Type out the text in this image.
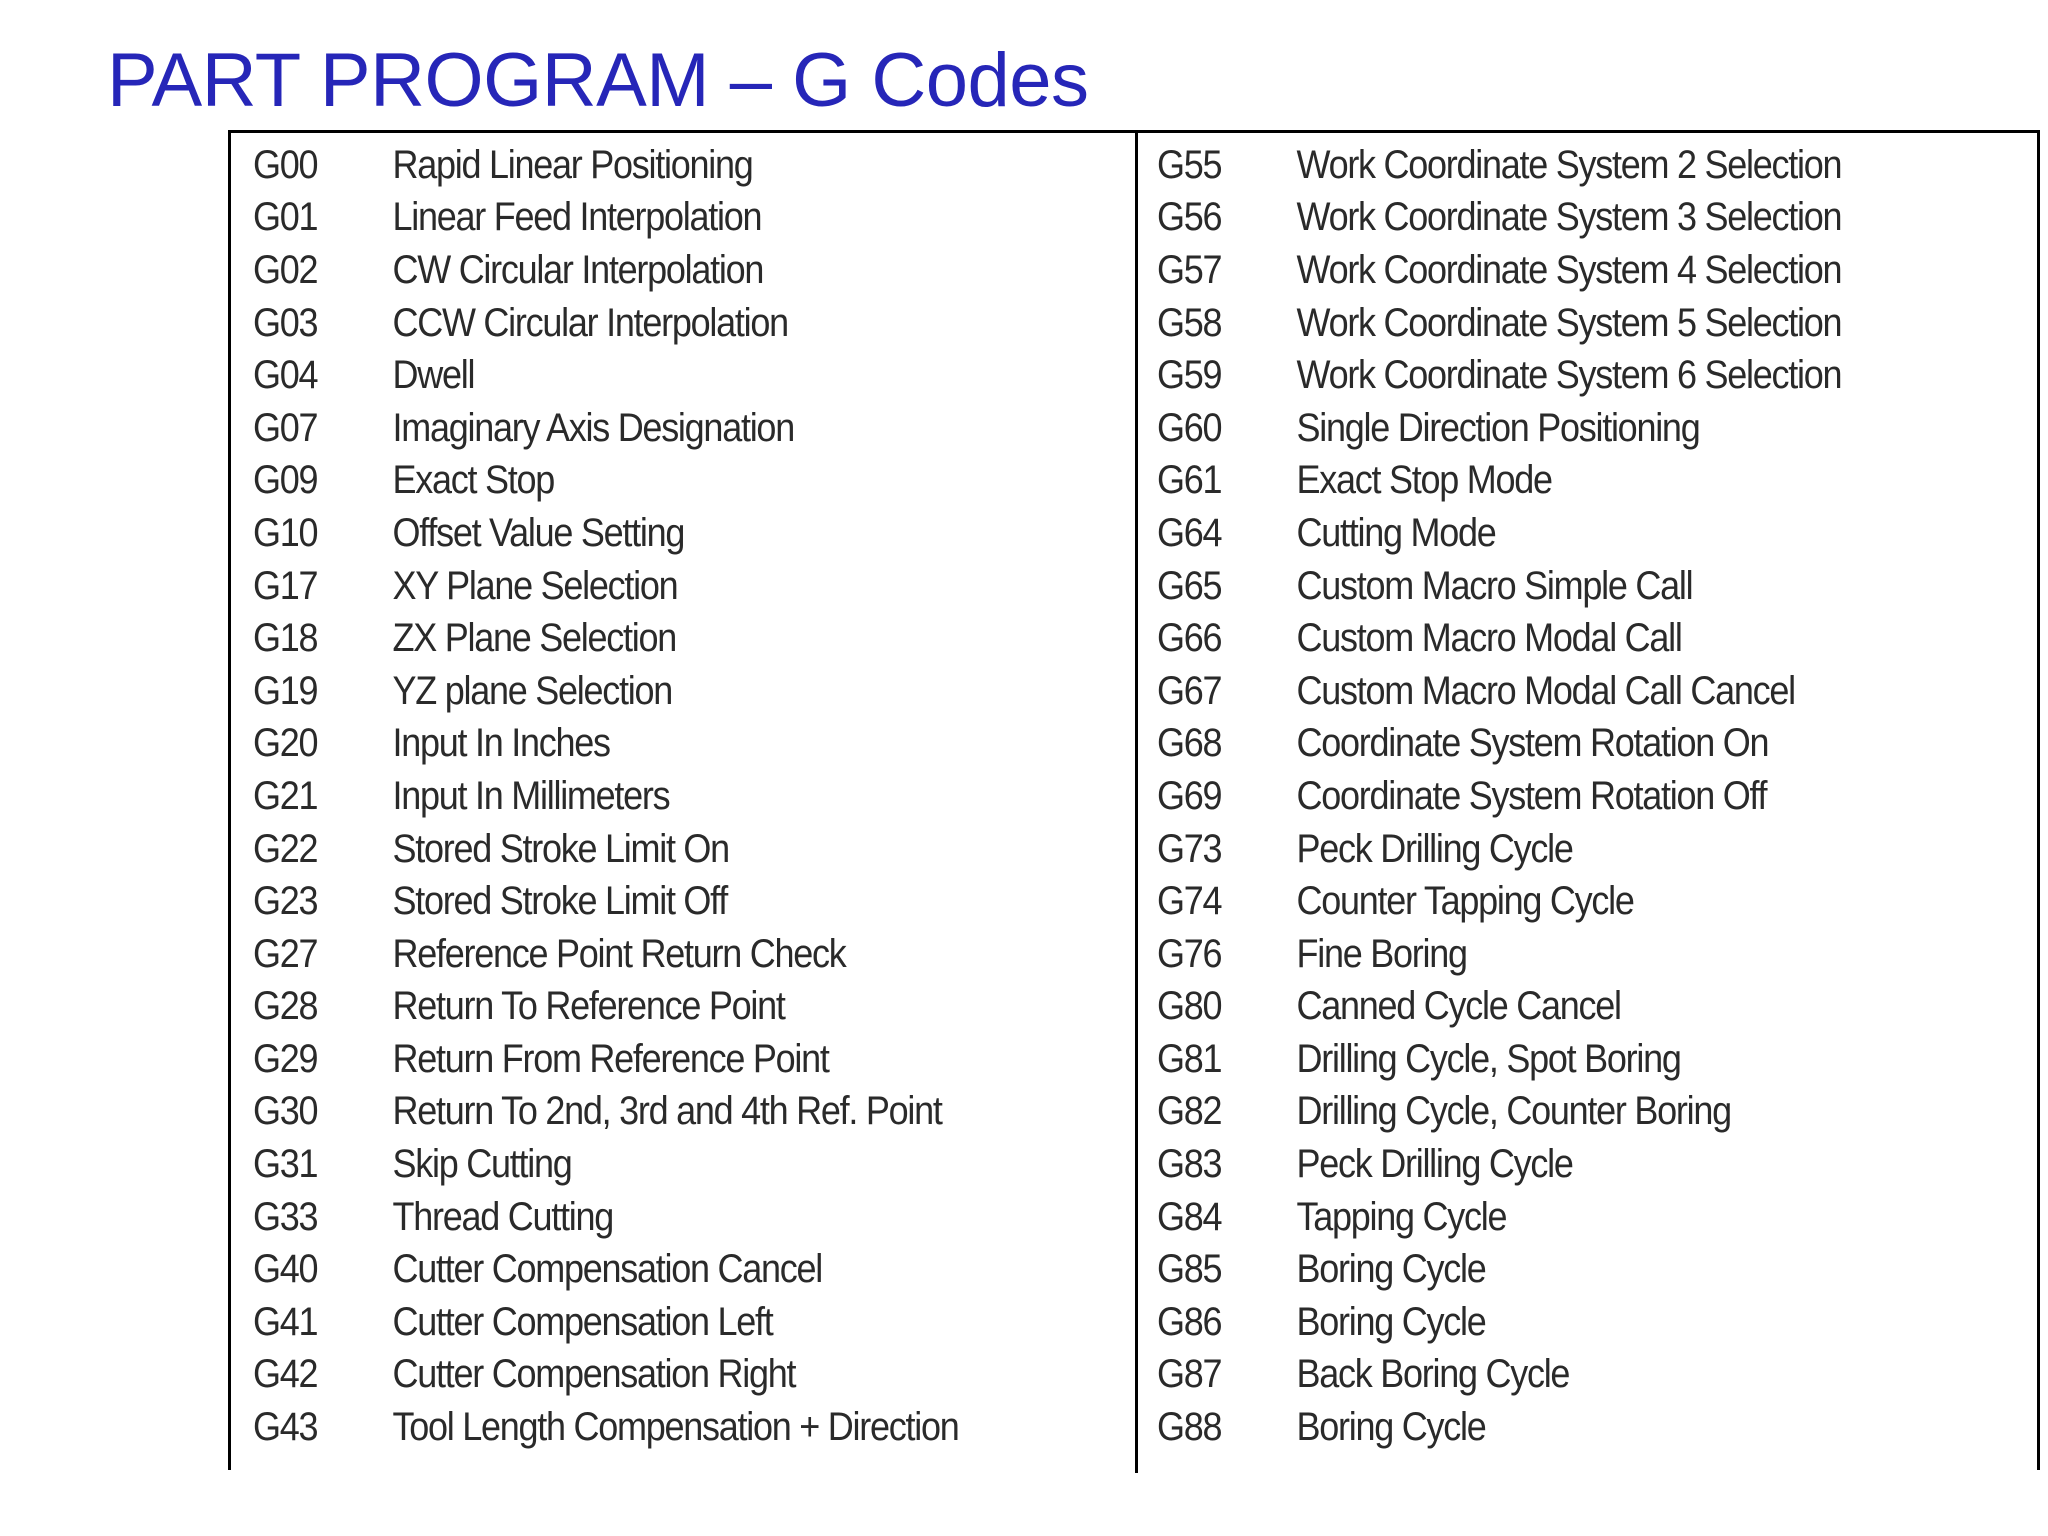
PART PROGRAM – G Codes
G00	Rapid Linear Positioning
G01	Linear Feed Interpolation
G02	CW Circular Interpolation
G03	CCW Circular Interpolation
G04	Dwell
G07	Imaginary Axis Designation
G09	Exact Stop
G10	Offset Value Setting
G17	XY Plane Selection
G18	ZX Plane Selection
G19	YZ plane Selection
G20	Input In Inches
G21	Input In Millimeters
G22	Stored Stroke Limit On
G23	Stored Stroke Limit Off
G27	Reference Point Return Check
G28	Return To Reference Point
G29	Return From Reference Point
G30	Return To 2nd, 3rd and 4th Ref. Point
G31	Skip Cutting
G33	Thread Cutting
G40	Cutter Compensation Cancel
G41	Cutter Compensation Left
G42	Cutter Compensation Right
G43	Tool Length Compensation + Direction
G55	Work Coordinate System 2 Selection
G56	Work Coordinate System 3 Selection
G57	Work Coordinate System 4 Selection
G58	Work Coordinate System 5 Selection
G59	Work Coordinate System 6 Selection
G60	Single Direction Positioning
G61	Exact Stop Mode
G64	Cutting Mode
G65	Custom Macro Simple Call
G66	Custom Macro Modal Call
G67	Custom Macro Modal Call Cancel
G68	Coordinate System Rotation On
G69	Coordinate System Rotation Off
G73	Peck Drilling Cycle
G74	Counter Tapping Cycle
G76	Fine Boring
G80	Canned Cycle Cancel
G81	Drilling Cycle, Spot Boring
G82	Drilling Cycle, Counter Boring
G83	Peck Drilling Cycle
G84	Tapping Cycle
G85	Boring Cycle
G86	Boring Cycle
G87	Back Boring Cycle
G88	Boring Cycle
